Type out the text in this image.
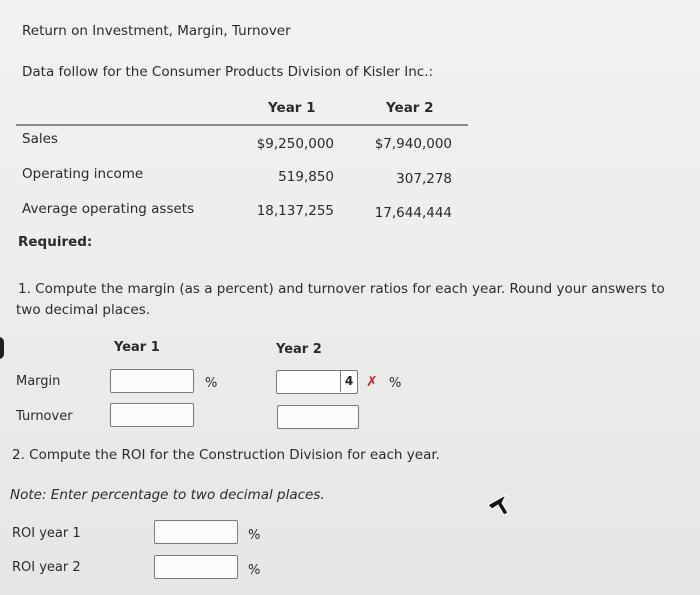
Return on Investment, Margin, Turnover
Data follow for the Consumer Products Division of Kisler Inc.:
Year 1	Year 2
Sales	$9,250,000	$7,940,000
Operating income	519,850	307,278
Average operating assets	18,137,255	17,644,444
Required:
1. Compute the margin (as a percent) and turnover ratios for each year. Round your answers to
two decimal places.
Year 1	Year 2
Margin	%	4 ✗ %
Turnover
2. Compute the ROI for the Construction Division for each year.
Note: Enter percentage to two decimal places.
ROI year 1	%
ROI year 2	%
